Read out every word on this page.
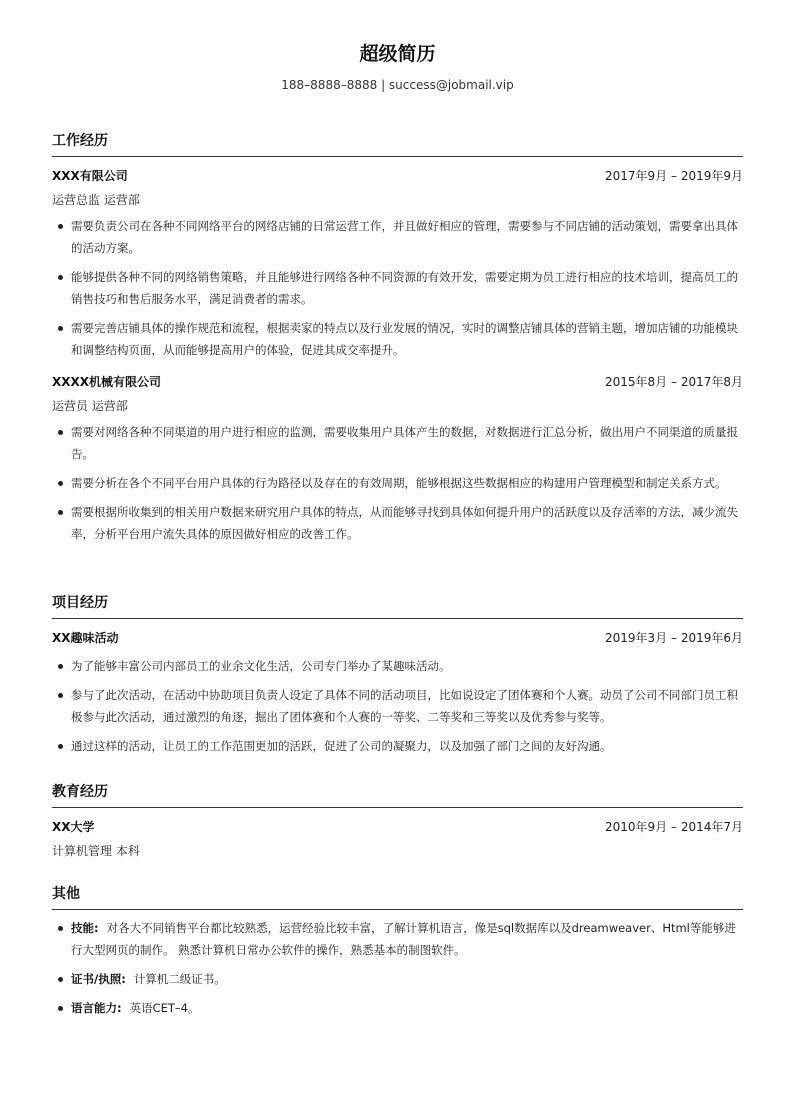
超级简历
188–8888–8888 | success@jobmail.vip
工作经历
XXX有限公司	2017年9月 – 2019年9月
运营总监 运营部
需要负责公司在各种不同网络平台的网络店铺的日常运营工作，并且做好相应的管理，需要参与不同店铺的活动策划，需要拿出具体的活动方案。
能够提供各种不同的网络销售策略，并且能够进行网络各种不同资源的有效开发，需要定期为员工进行相应的技术培训，提高员工的销售技巧和售后服务水平，满足消费者的需求。
需要完善店铺具体的操作规范和流程，根据卖家的特点以及行业发展的情况，实时的调整店铺具体的营销主题，增加店铺的功能模块和调整结构页面，从而能够提高用户的体验，促进其成交率提升。
XXXX机械有限公司	2015年8月 – 2017年8月
运营员 运营部
需要对网络各种不同渠道的用户进行相应的监测，需要收集用户具体产生的数据，对数据进行汇总分析，做出用户不同渠道的质量报告。
需要分析在各个不同平台用户具体的行为路径以及存在的有效周期，能够根据这些数据相应的构建用户管理模型和制定关系方式。
需要根据所收集到的相关用户数据来研究用户具体的特点，从而能够寻找到具体如何提升用户的活跃度以及存活率的方法，减少流失率，分析平台用户流失具体的原因做好相应的改善工作。
项目经历
XX趣味活动	2019年3月 – 2019年6月
为了能够丰富公司内部员工的业余文化生活，公司专门举办了某趣味活动。
参与了此次活动，在活动中协助项目负责人设定了具体不同的活动项目，比如说设定了团体赛和个人赛。动员了公司不同部门员工积极参与此次活动，通过激烈的角逐，掘出了团体赛和个人赛的一等奖、二等奖和三等奖以及优秀参与奖等。
通过这样的活动，让员工的工作范围更加的活跃，促进了公司的凝聚力，以及加强了部门之间的友好沟通。
教育经历
XX大学	2010年9月 – 2014年7月
计算机管理 本科
其他
技能: 对各大不同销售平台都比较熟悉，运营经验比较丰富，了解计算机语言，像是sql数据库以及dreamweaver、Html等能够进行大型网页的制作。 熟悉计算机日常办公软件的操作，熟悉基本的制图软件。
证书/执照: 计算机二级证书。
语言能力: 英语CET–4。
